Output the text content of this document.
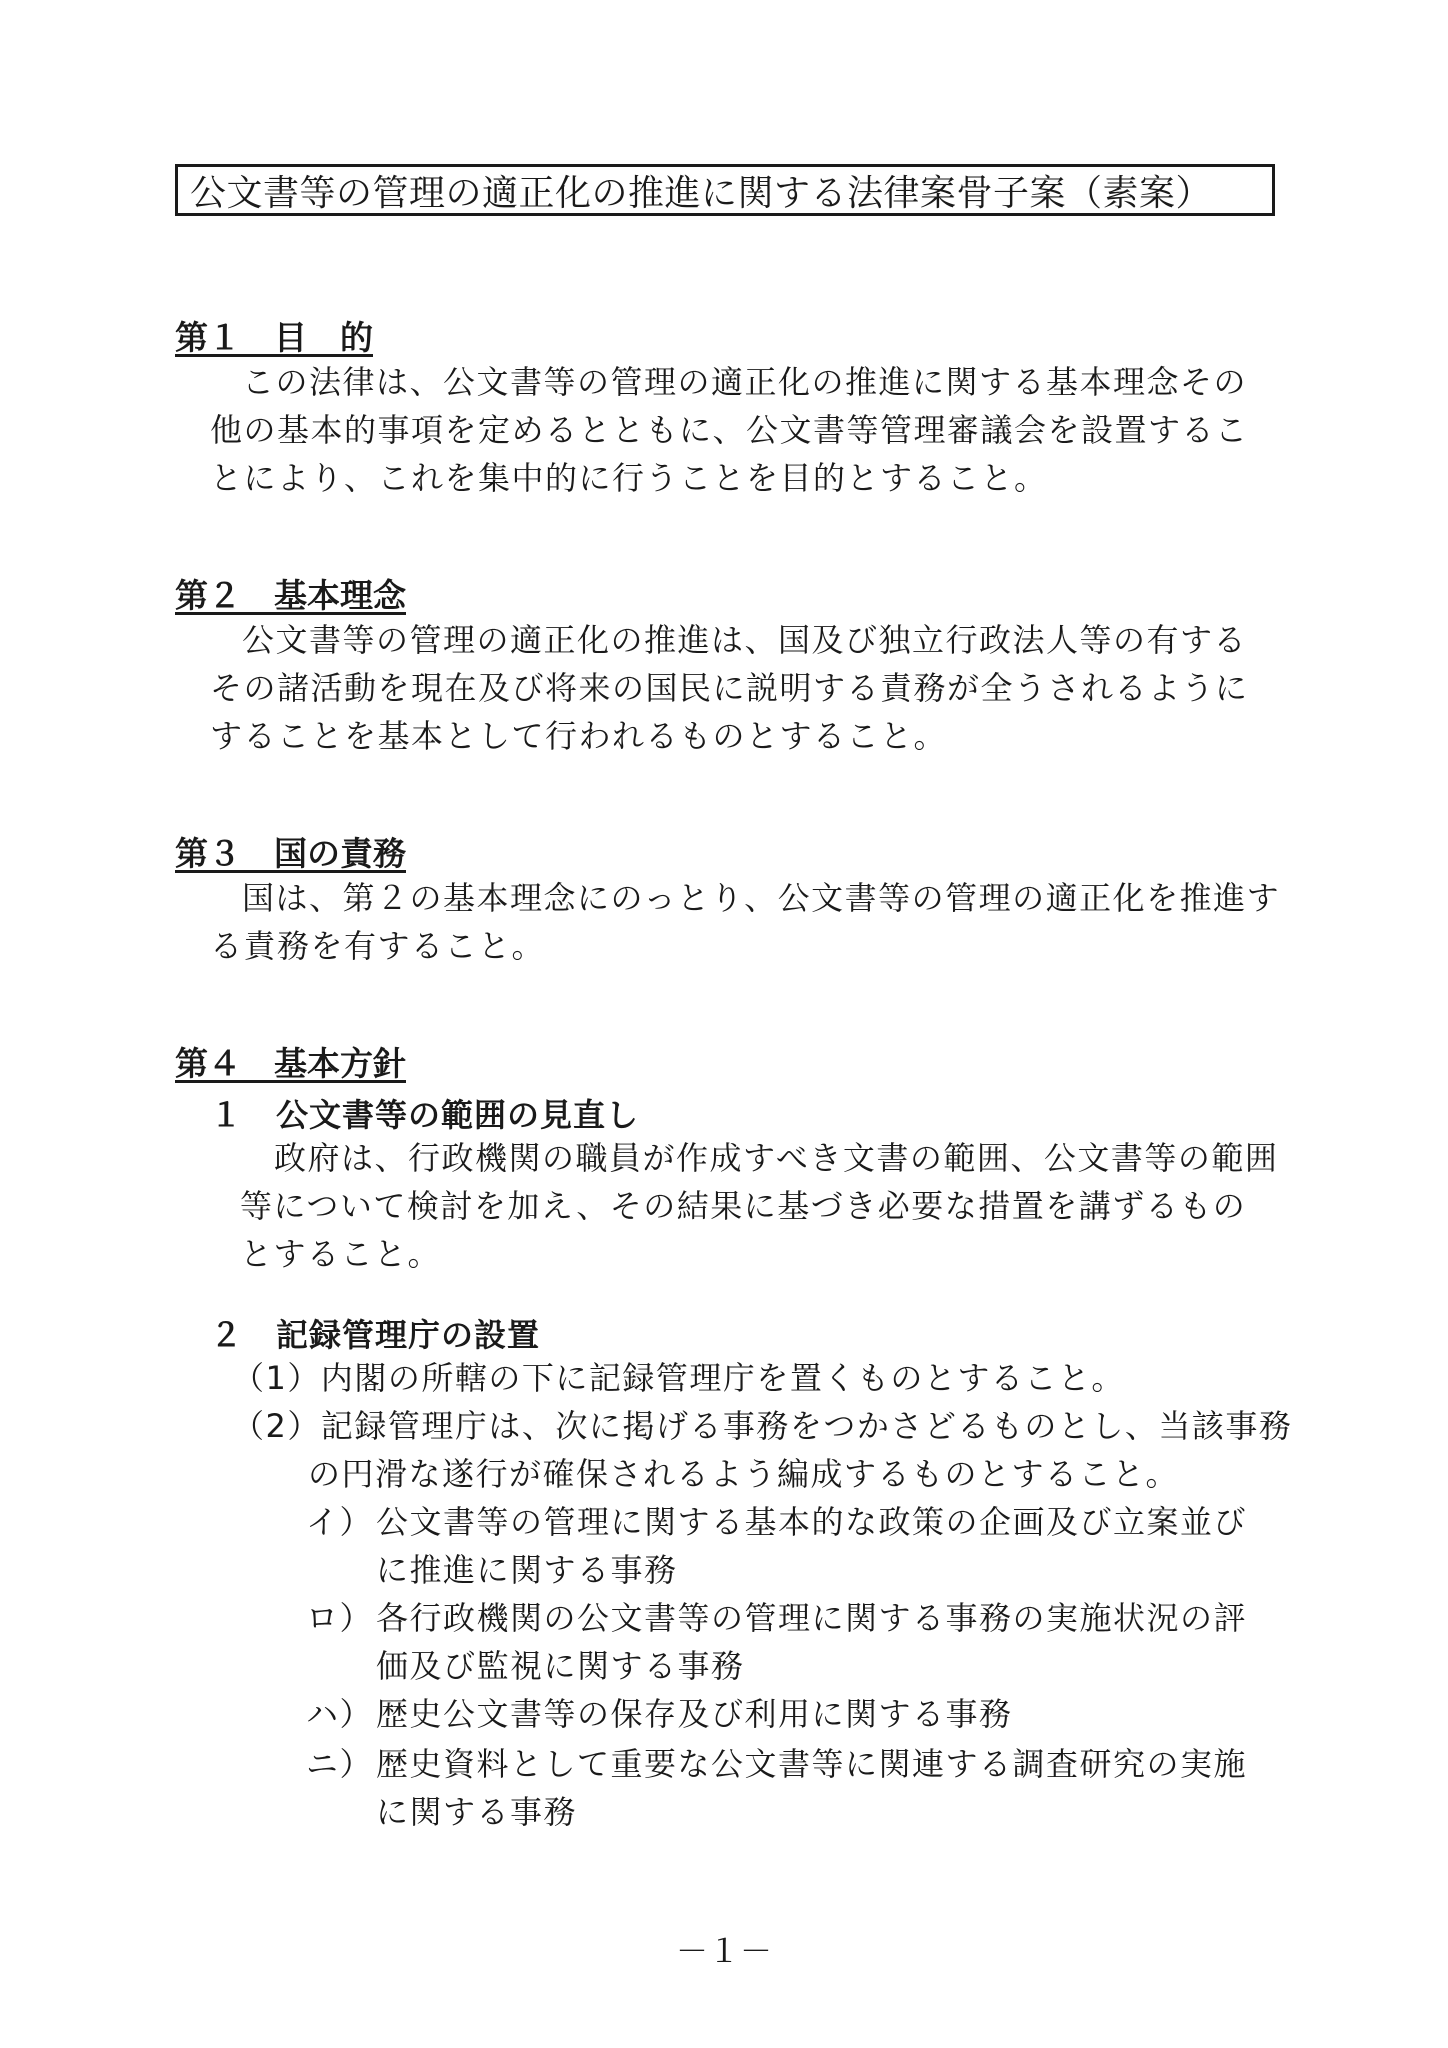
公文書等の管理の適正化の推進に関する法律案骨子案（素案）
第１　目　的
この法律は、公文書等の管理の適正化の推進に関する基本理念その
他の基本的事項を定めるとともに、公文書等管理審議会を設置するこ
とにより、これを集中的に行うことを目的とすること。
第２　基本理念
公文書等の管理の適正化の推進は、国及び独立行政法人等の有する
その諸活動を現在及び将来の国民に説明する責務が全うされるように
することを基本として行われるものとすること。
第３　国の責務
国は、第２の基本理念にのっとり、公文書等の管理の適正化を推進す
る責務を有すること。
第４　基本方針
１　公文書等の範囲の見直し
政府は、行政機関の職員が作成すべき文書の範囲、公文書等の範囲
等について検討を加え、その結果に基づき必要な措置を講ずるもの
とすること。
２　記録管理庁の設置
（1）内閣の所轄の下に記録管理庁を置くものとすること。
（2）記録管理庁は、次に掲げる事務をつかさどるものとし、当該事務
の円滑な遂行が確保されるよう編成するものとすること。
イ） 公文書等の管理に関する基本的な政策の企画及び立案並び
に推進に関する事務
ロ） 各行政機関の公文書等の管理に関する事務の実施状況の評
価及び監視に関する事務
ハ） 歴史公文書等の保存及び利用に関する事務
ニ） 歴史資料として重要な公文書等に関連する調査研究の実施
に関する事務
－１－
